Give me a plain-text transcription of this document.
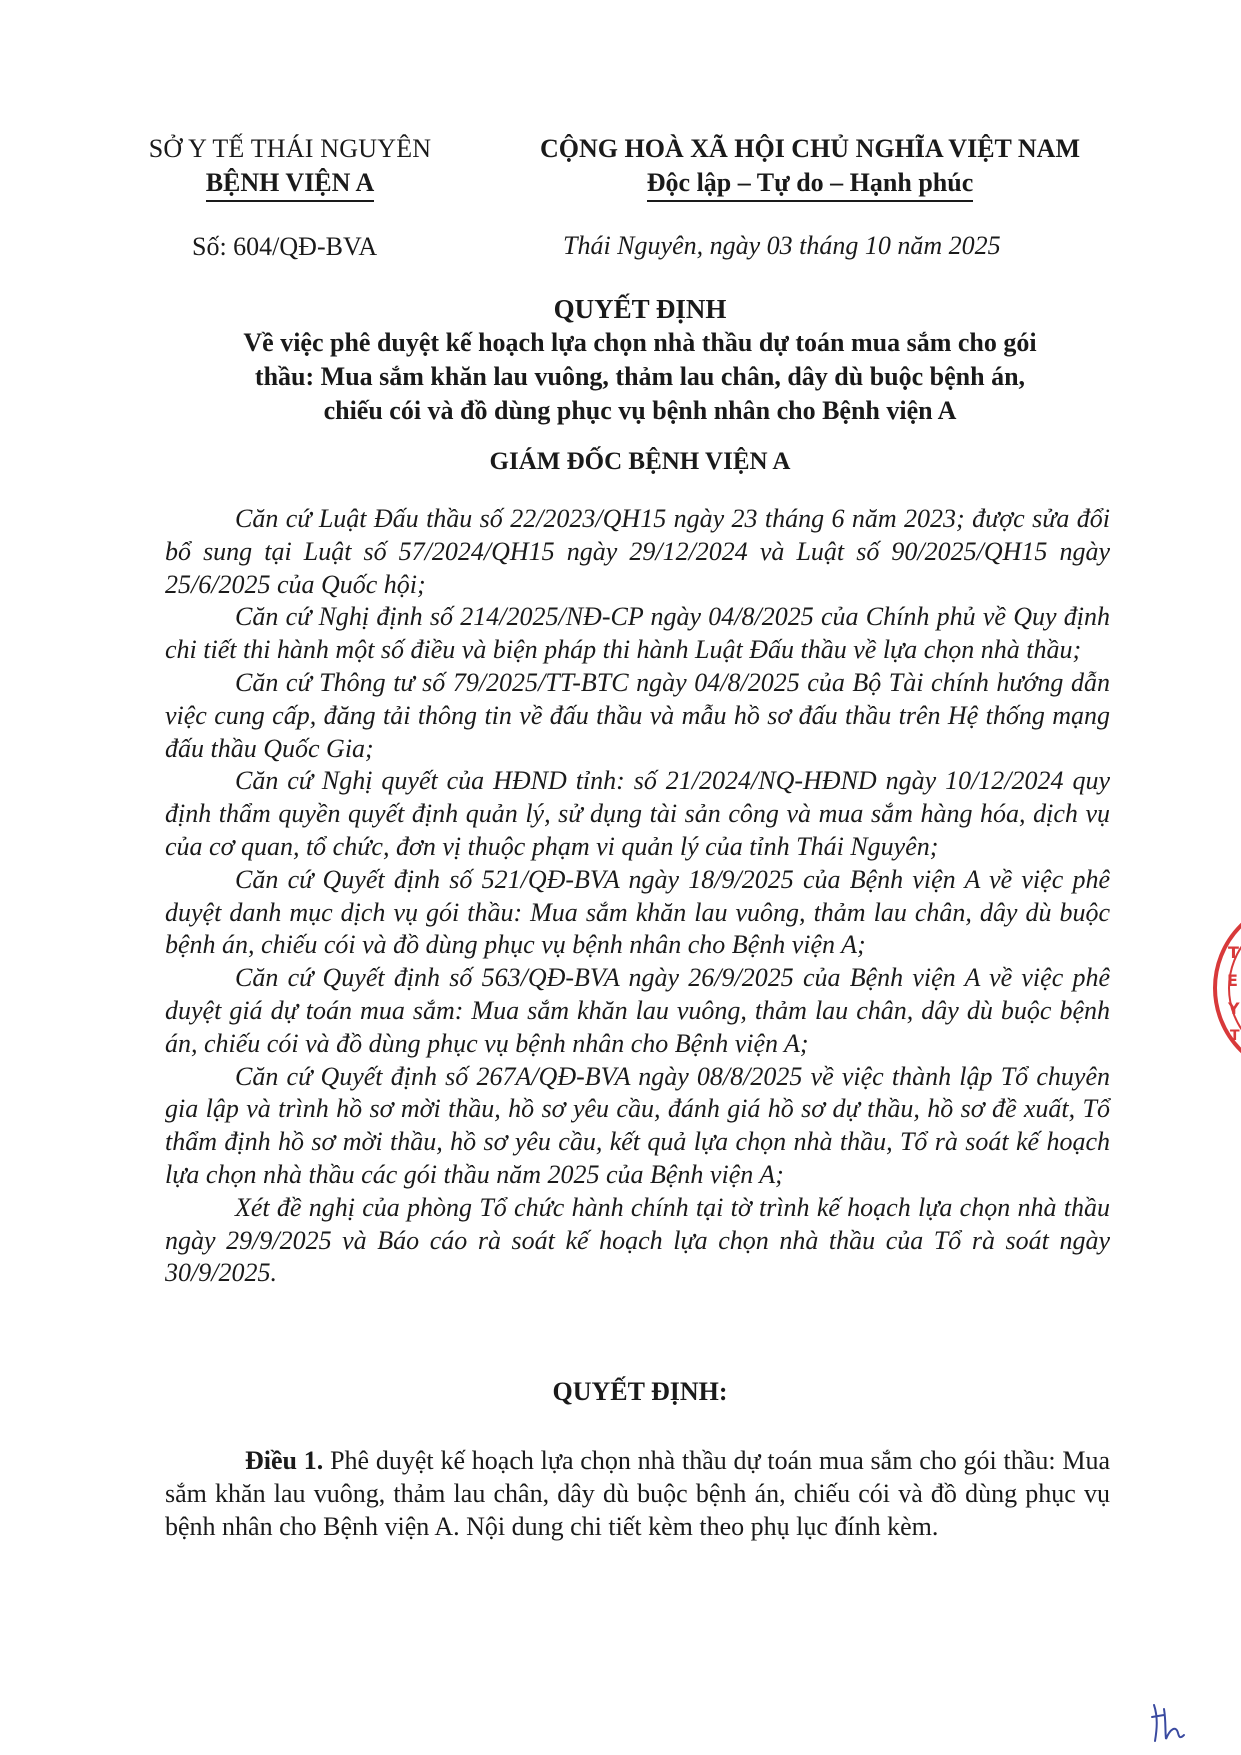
SỞ Y TẾ THÁI NGUYÊN
BỆNH VIỆN A
Số: 604/QĐ-BVA
CỘNG HOÀ XÃ HỘI CHỦ NGHĨA VIỆT NAM
Độc lập – Tự do – Hạnh phúc
Thái Nguyên, ngày 03 tháng 10 năm 2025
QUYẾT ĐỊNH
Về việc phê duyệt kế hoạch lựa chọn nhà thầu dự toán mua sắm cho gói
thầu: Mua sắm khăn lau vuông, thảm lau chân, dây dù buộc bệnh án,
chiếu cói và đồ dùng phục vụ bệnh nhân cho Bệnh viện A
GIÁM ĐỐC BỆNH VIỆN A

Căn cứ Luật Đấu thầu số 22/2023/QH15 ngày 23 tháng 6 năm 2023; được sửa đổi bổ sung tại Luật số 57/2024/QH15 ngày 29/12/2024 và Luật số 90/2025/QH15 ngày 25/6/2025 của Quốc hội;

Căn cứ Nghị định số 214/2025/NĐ-CP ngày 04/8/2025 của Chính phủ về Quy định chi tiết thi hành một số điều và biện pháp thi hành Luật Đấu thầu về lựa chọn nhà thầu;

Căn cứ Thông tư số 79/2025/TT-BTC ngày 04/8/2025 của Bộ Tài chính hướng dẫn việc cung cấp, đăng tải thông tin về đấu thầu và mẫu hồ sơ đấu thầu trên Hệ thống mạng đấu thầu Quốc Gia;

Căn cứ Nghị quyết của HĐND tỉnh: số 21/2024/NQ-HĐND ngày 10/12/2024 quy định thẩm quyền quyết định quản lý, sử dụng tài sản công và mua sắm hàng hóa, dịch vụ của cơ quan, tổ chức, đơn vị thuộc phạm vi quản lý của tỉnh Thái Nguyên;

Căn cứ Quyết định số 521/QĐ-BVA ngày 18/9/2025 của Bệnh viện A về việc phê duyệt danh mục dịch vụ gói thầu: Mua sắm khăn lau vuông, thảm lau chân, dây dù buộc bệnh án, chiếu cói và đồ dùng phục vụ bệnh nhân cho Bệnh viện A;

Căn cứ Quyết định số 563/QĐ-BVA ngày 26/9/2025 của Bệnh viện A về việc phê duyệt giá dự toán mua sắm: Mua sắm khăn lau vuông, thảm lau chân, dây dù buộc bệnh án, chiếu cói và đồ dùng phục vụ bệnh nhân cho Bệnh viện A;

Căn cứ Quyết định số 267A/QĐ-BVA ngày 08/8/2025 về việc thành lập Tổ chuyên gia lập và trình hồ sơ mời thầu, hồ sơ yêu cầu, đánh giá hồ sơ dự thầu, hồ sơ đề xuất, Tổ thẩm định hồ sơ mời thầu, hồ sơ yêu cầu, kết quả lựa chọn nhà thầu, Tổ rà soát kế hoạch lựa chọn nhà thầu các gói thầu năm 2025 của Bệnh viện A;

Xét đề nghị của phòng Tổ chức hành chính tại tờ trình kế hoạch lựa chọn nhà thầu ngày 29/9/2025 và Báo cáo rà soát kế hoạch lựa chọn nhà thầu của Tổ rà soát ngày 30/9/2025.

QUYẾT ĐỊNH:
Điều 1. Phê duyệt kế hoạch lựa chọn nhà thầu dự toán mua sắm cho gói thầu: Mua sắm khăn lau vuông, thảm lau chân, dây dù buộc bệnh án, chiếu cói và đồ dùng phục vụ bệnh nhân cho Bệnh viện A. Nội dung chi tiết kèm theo phụ lục đính kèm.
T
E
Y
T
